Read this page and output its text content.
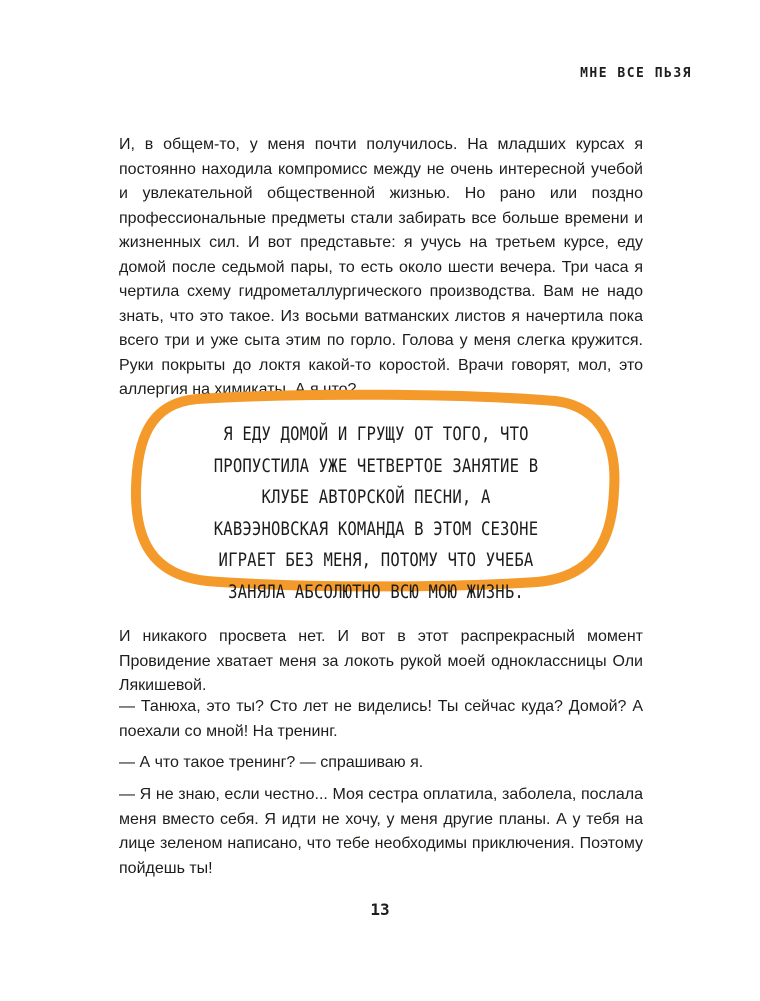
МНЕ ВСЕ ПЬЗЯ

И, в общем-то, у меня почти получилось. На младших курсах я постоянно находила компромисс между не очень интересной учебой и увлекательной общественной жизнью. Но рано или поздно профессиональные предметы стали забирать все больше времени и жизненных сил. И вот представьте: я учусь на третьем курсе, еду домой после седьмой пары, то есть около шести вечера. Три часа я чертила схему гидрометаллургического производства. Вам не надо знать, что это такое. Из восьми ватманских листов я начертила пока всего три и уже сыта этим по горло. Голова у меня слегка кружится. Руки покрыты до локтя какой-то коростой. Врачи говорят, мол, это аллергия на химикаты. А я что?

Я ЕДУ ДОМОЙ И ГРУЩУ ОТ ТОГО, ЧТО ПРОПУСТИЛА УЖЕ ЧЕТВЕРТОЕ ЗАНЯТИЕ В КЛУБЕ АВТОРСКОЙ ПЕСНИ, А КАВЭЭНОВСКАЯ КОМАНДА В ЭТОМ СЕЗОНЕ ИГРАЕТ БЕЗ МЕНЯ, ПОТОМУ ЧТО УЧЕБА ЗАНЯЛА АБСОЛЮТНО ВСЮ МОЮ ЖИЗНЬ.

И никакого просвета нет. И вот в этот распрекрасный момент Провидение хватает меня за локоть рукой моей одноклассницы Оли Лякишевой.

— Танюха, это ты? Сто лет не виделись! Ты сейчас куда? Домой? А поехали со мной! На тренинг.

— А что такое тренинг? — спрашиваю я.

— Я не знаю, если честно... Моя сестра оплатила, заболела, послала меня вместо себя. Я идти не хочу, у меня другие планы. А у тебя на лице зеленом написано, что тебе необходимы приключения. Поэтому пойдешь ты!

13
